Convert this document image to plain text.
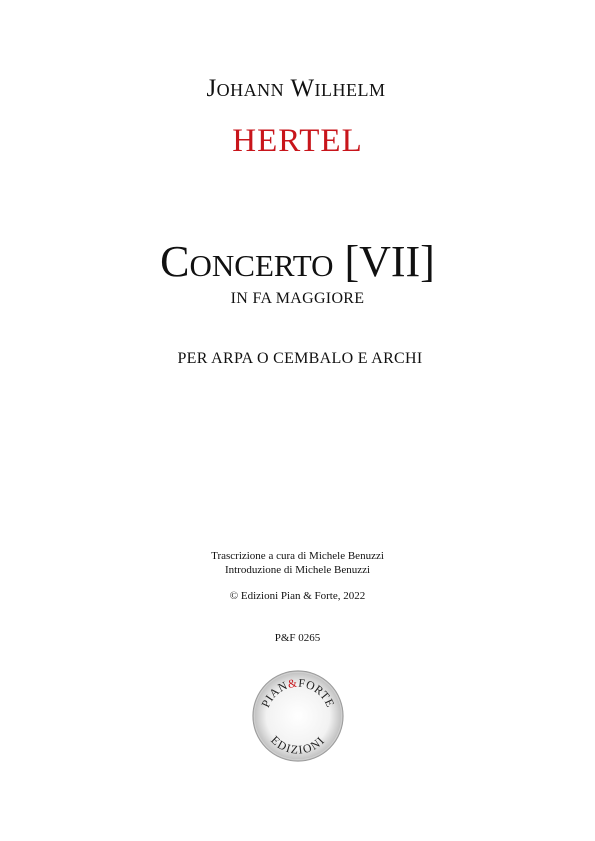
Johann Wilhelm
HERTEL
Concerto [VII]
IN FA MAGGIORE
PER ARPA O CEMBALO E ARCHI
Trascrizione a cura di Michele Benuzzi
Introduzione di Michele Benuzzi
© Edizioni Pian & Forte, 2022
P&F 0265
PIAN&FORTE
EDIZIONI
